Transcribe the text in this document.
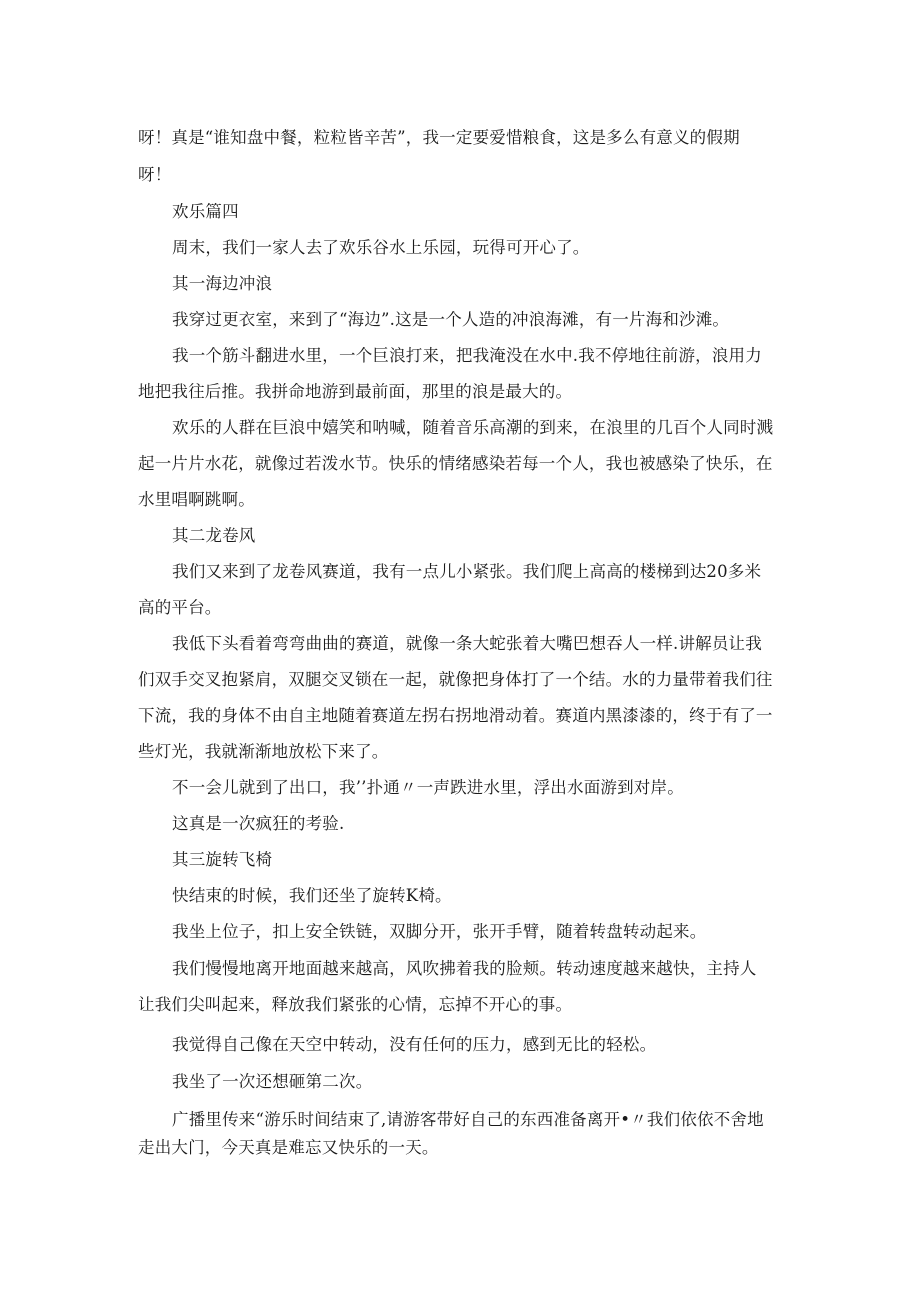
呀！真是“谁知盘中餐，粒粒皆辛苦”，我一定要爱惜粮食，这是多么有意义的假期
呀！
欢乐篇四
周末，我们一家人去了欢乐谷水上乐园，玩得可开心了。
其一海边冲浪
我穿过更衣室，来到了“海边”.这是一个人造的冲浪海滩，有一片海和沙滩。
我一个筋斗翻进水里，一个巨浪打来，把我淹没在水中.我不停地往前游，浪用力
地把我往后推。我拼命地游到最前面，那里的浪是最大的。
欢乐的人群在巨浪中嬉笑和呐喊，随着音乐高潮的到来，在浪里的几百个人同时溅
起一片片水花，就像过若泼水节。快乐的情绪感染若每一个人，我也被感染了快乐，在
水里唱啊跳啊。
其二龙卷风
我们又来到了龙卷风赛道，我有一点儿小紧张。我们爬上高高的楼梯到达20多米
高的平台。
我低下头看着弯弯曲曲的赛道，就像一条大蛇张着大嘴巴想吞人一样.讲解员让我
们双手交叉抱紧肩，双腿交叉锁在一起，就像把身体打了一个结。水的力量带着我们往
下流，我的身体不由自主地随着赛道左拐右拐地滑动着。赛道内黑漆漆的，终于有了一
些灯光，我就渐渐地放松下来了。
不一会儿就到了出口，我’’扑通〃一声跌进水里，浮出水面游到对岸。
这真是一次疯狂的考验.
其三旋转飞椅
快结束的时候，我们还坐了旋转K椅。
我坐上位子，扣上安全铁链，双脚分开，张开手臂，随着转盘转动起来。
我们慢慢地离开地面越来越高，风吹拂着我的脸颊。转动速度越来越快，主持人
让我们尖叫起来，释放我们紧张的心情，忘掉不开心的事。
我觉得自己像在天空中转动，没有任何的压力，感到无比的轻松。
我坐了一次还想砸第二次。
广播里传来“游乐时间结束了,请游客带好自己的东西准备离开•〃我们依依不舍地
走出大门，今天真是难忘又快乐的一天。
